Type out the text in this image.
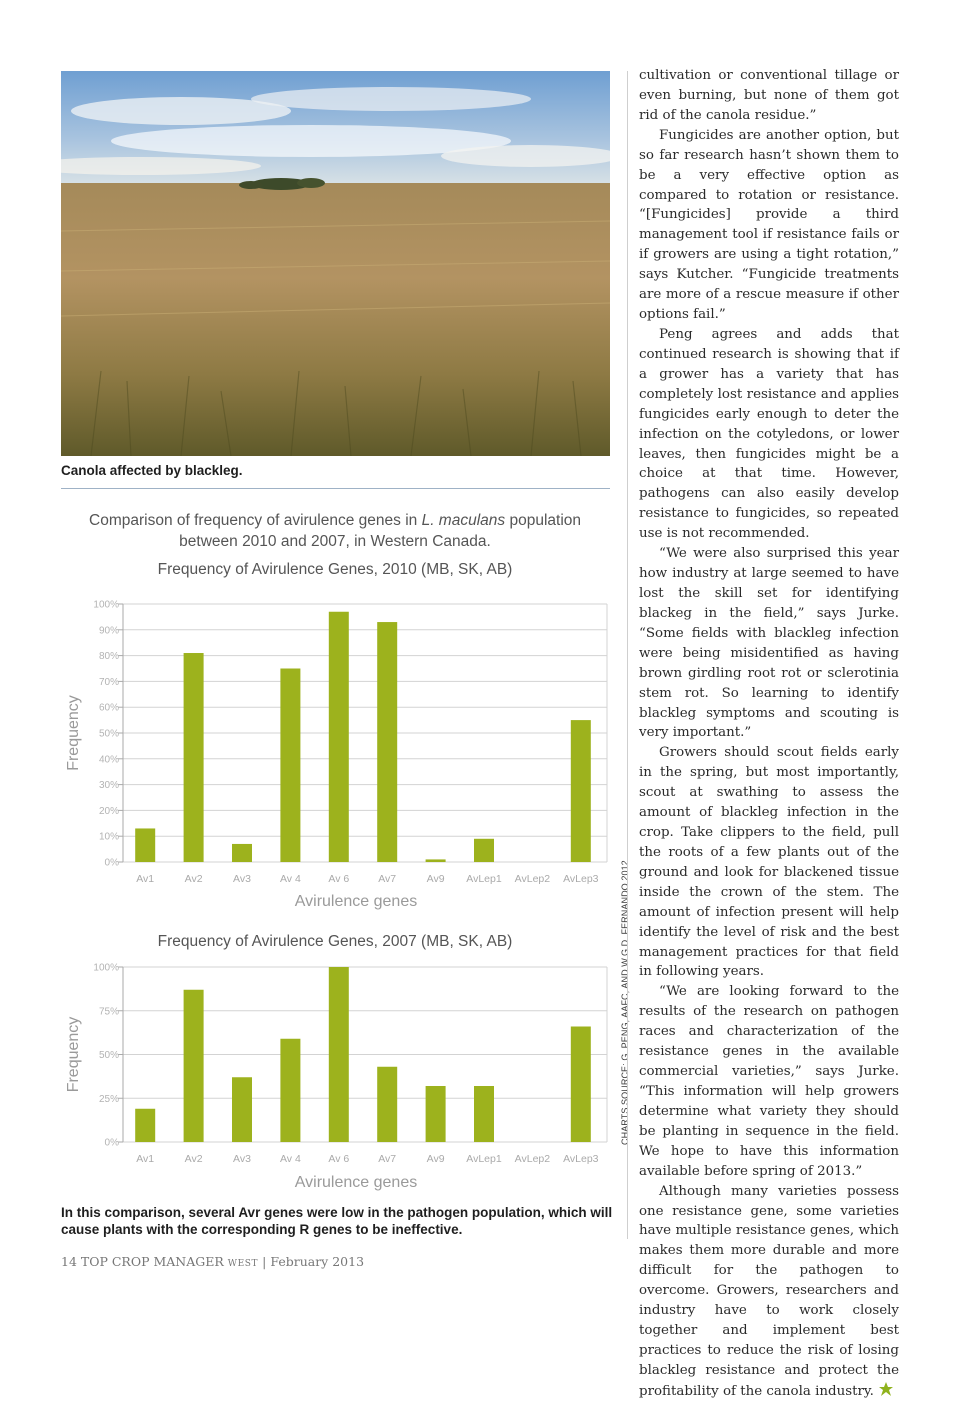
Canola affected by blackleg.
Comparison of frequency of avirulence genes in L. maculans population
between 2010 and 2007, in Western Canada.
Frequency of Avirulence Genes, 2010 (MB, SK, AB)
0%
10%
20%
30%
40%
50%
60%
70%
80%
90%
100%
Av1	Av2	Av3	Av 4	Av 6	Av7	Av9 AvLep1 AvLep2 AvLep3
Avirulence genes
Frequency
Frequency of Avirulence Genes, 2007 (MB, SK, AB)
0%
25%
50%
75%
100%
Av1	Av2	Av3	Av 4	Av 6	Av7	Av9 AvLep1 AvLep2 AvLep3
Avirulence genes
Frequency	CHARTS SOURCE: G. PENG, AAFC, AND W.G.D. FERNANDO 2012.
In this comparison, several Avr genes were low in the pathogen population, which will cause plants with the corresponding R genes to be ineffective.
14 TOP CROP MANAGER WEST | February 2013

cultivation or conventional tillage or even burning, but none of them got rid of the canola residue.”

Fungicides are another option, but so far research hasn’t shown them to be a very effective option as compared to rotation or resistance. “[Fungicides] provide a third management tool if resistance fails or if growers are using a tight rotation,” says Kutcher. “Fungicide treatments are more of a rescue measure if other options fail.”

Peng agrees and adds that continued research is showing that if a grower has a variety that has completely lost resistance and applies fungicides early enough to deter the infection on the cotyledons, or lower leaves, then fungicides might be a choice at that time. However, pathogens can also easily develop resistance to fungicides, so repeated use is not recommended.

“We were also surprised this year how industry at large seemed to have lost the skill set for identifying blackeg in the field,” says Jurke. “Some fields with blackleg infection were being misidentified as having brown girdling root rot or sclerotinia stem rot. So learning to identify blackleg symptoms and scouting is very important.”

Growers should scout fields early in the spring, but most importantly, scout at swathing to assess the amount of blackleg infection in the crop. Take clippers to the field, pull the roots of a few plants out of the ground and look for blackened tissue inside the crown of the stem. The amount of infection present will help identify the level of risk and the best management practices for that field in following years.

“We are looking forward to the results of the research on pathogen races and characterization of the resistance genes in the available commercial varieties,” says Jurke. “This information will help growers determine what variety they should be planting in sequence in the field. We hope to have this information available before spring of 2013.”

Although many varieties possess one resistance gene, some varieties have multiple resistance genes, which makes them more durable and more difficult for the pathogen to overcome. Growers, researchers and industry have to work closely together and implement best practices to reduce the risk of losing blackleg resistance and protect the profitability of the canola industry.
